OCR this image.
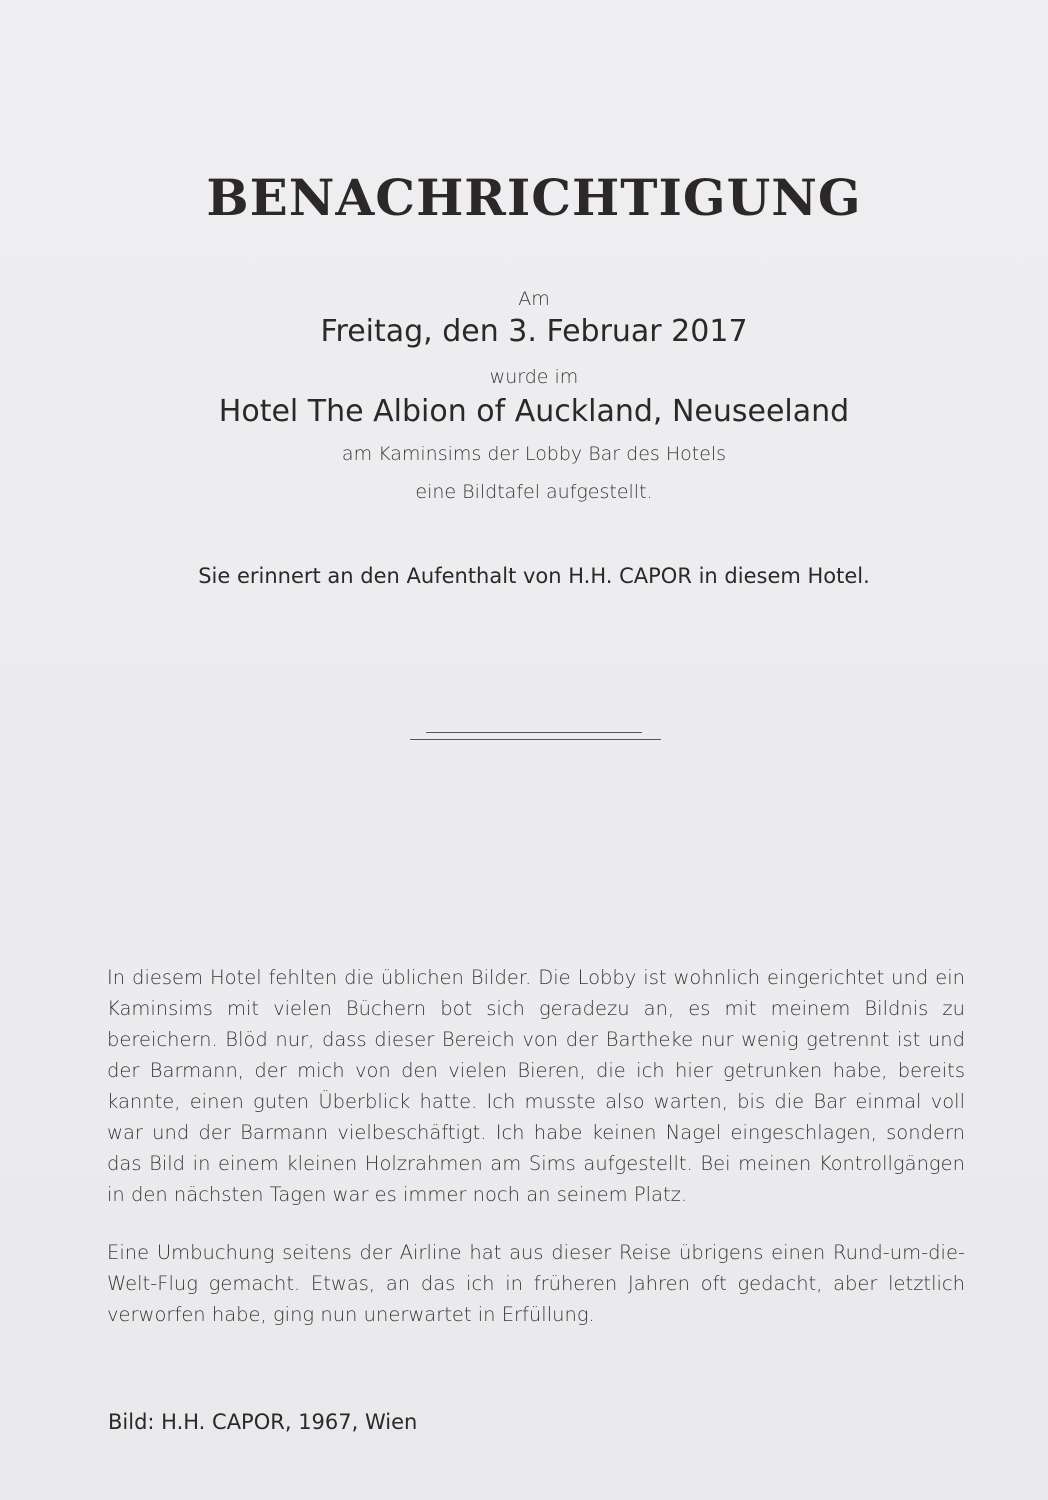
BENACHRICHTIGUNG
Am
Freitag, den 3. Februar 2017
wurde im
Hotel The Albion of Auckland, Neuseeland
am Kaminsims der Lobby Bar des Hotels
eine Bildtafel aufgestellt.
Sie erinnert an den Aufenthalt von H.H. CAPOR in diesem Hotel.
In diesem Hotel fehlten die üblichen Bilder. Die Lobby ist wohnlich eingerichtet und ein Kaminsims mit vielen Büchern bot sich geradezu an, es mit meinem Bildnis zu bereichern. Blöd nur, dass dieser Bereich von der Bartheke nur wenig getrennt ist und der Barmann, der mich von den vielen Bieren, die ich hier getrunken habe, bereits kannte, einen guten Überblick hatte. Ich musste also warten, bis die Bar einmal voll war und der Barmann vielbeschäftigt. Ich habe keinen Nagel eingeschlagen, sondern das Bild in einem kleinen Holzrahmen am Sims aufgestellt. Bei meinen Kontrollgängen in den nächsten Tagen war es immer noch an seinem Platz.
Eine Umbuchung seitens der Airline hat aus dieser Reise übrigens einen Rund-um-die-Welt-Flug gemacht. Etwas, an das ich in früheren Jahren oft gedacht, aber letztlich verworfen habe, ging nun unerwartet in Erfüllung.
Bild: H.H. CAPOR, 1967, Wien
